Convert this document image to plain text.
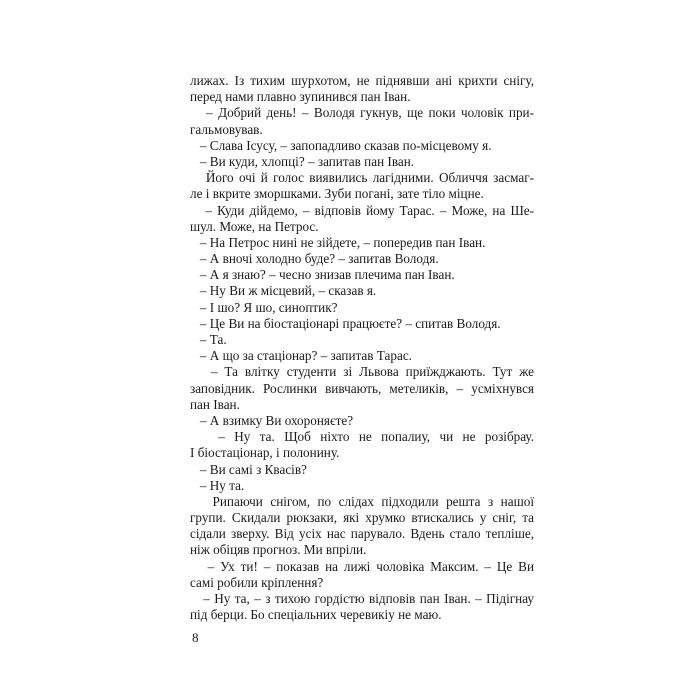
лижах. Із тихим шурхотом, не піднявши ані крихти снігу,
перед нами плавно зупинився пан Іван.
– Добрий день! – Володя гукнув, ще поки чоловік при-
гальмовував.
– Слава Ісусу, – запопадливо сказав по-місцевому я.
– Ви куди, хлопці? – запитав пан Іван.
Його очі й голос виявились лагідними. Обличчя засмаг-
ле і вкрите зморшками. Зуби погані, зате тіло міцне.
– Куди дійдемо, – відповів йому Тарас. – Може, на Ше-
шул. Може, на Петрос.
– На Петрос нині не зійдете, – попередив пан Іван.
– А вночі холодно буде? – запитав Володя.
– А я знаю? – чесно знизав плечима пан Іван.
– Ну Ви ж місцевий, – сказав я.
– І шо? Я шо, синоптик?
– Це Ви на біостаціонарі працюєте? – спитав Володя.
– Та.
– А що за стаціонар? – запитав Тарас.
– Та влітку студенти зі Львова приїжджають. Тут же
заповідник. Рослинки вивчають, метеликів, – усміхнувся
пан Іван.
– А взимку Ви охороняєте?
– Ну та. Щоб ніхто не попалиу, чи не розібрау.
І біостаціонар, і полонину.
– Ви самі з Квасів?
– Ну та.
Рипаючи снігом, по слідах підходили решта з нашої
групи. Скидали рюкзаки, які хрумко втискались у сніг, та
сідали зверху. Від усіх нас парувало. Вдень стало тепліше,
ніж обіцяв прогноз. Ми впріли.
– Ух ти! – показав на лижі чоловіка Максим. – Це Ви
самі робили кріплення?
– Ну та, – з тихою гордістю відповів пан Іван. – Підігнау
під берци. Бо спеціальних черевикіу не маю.
8
